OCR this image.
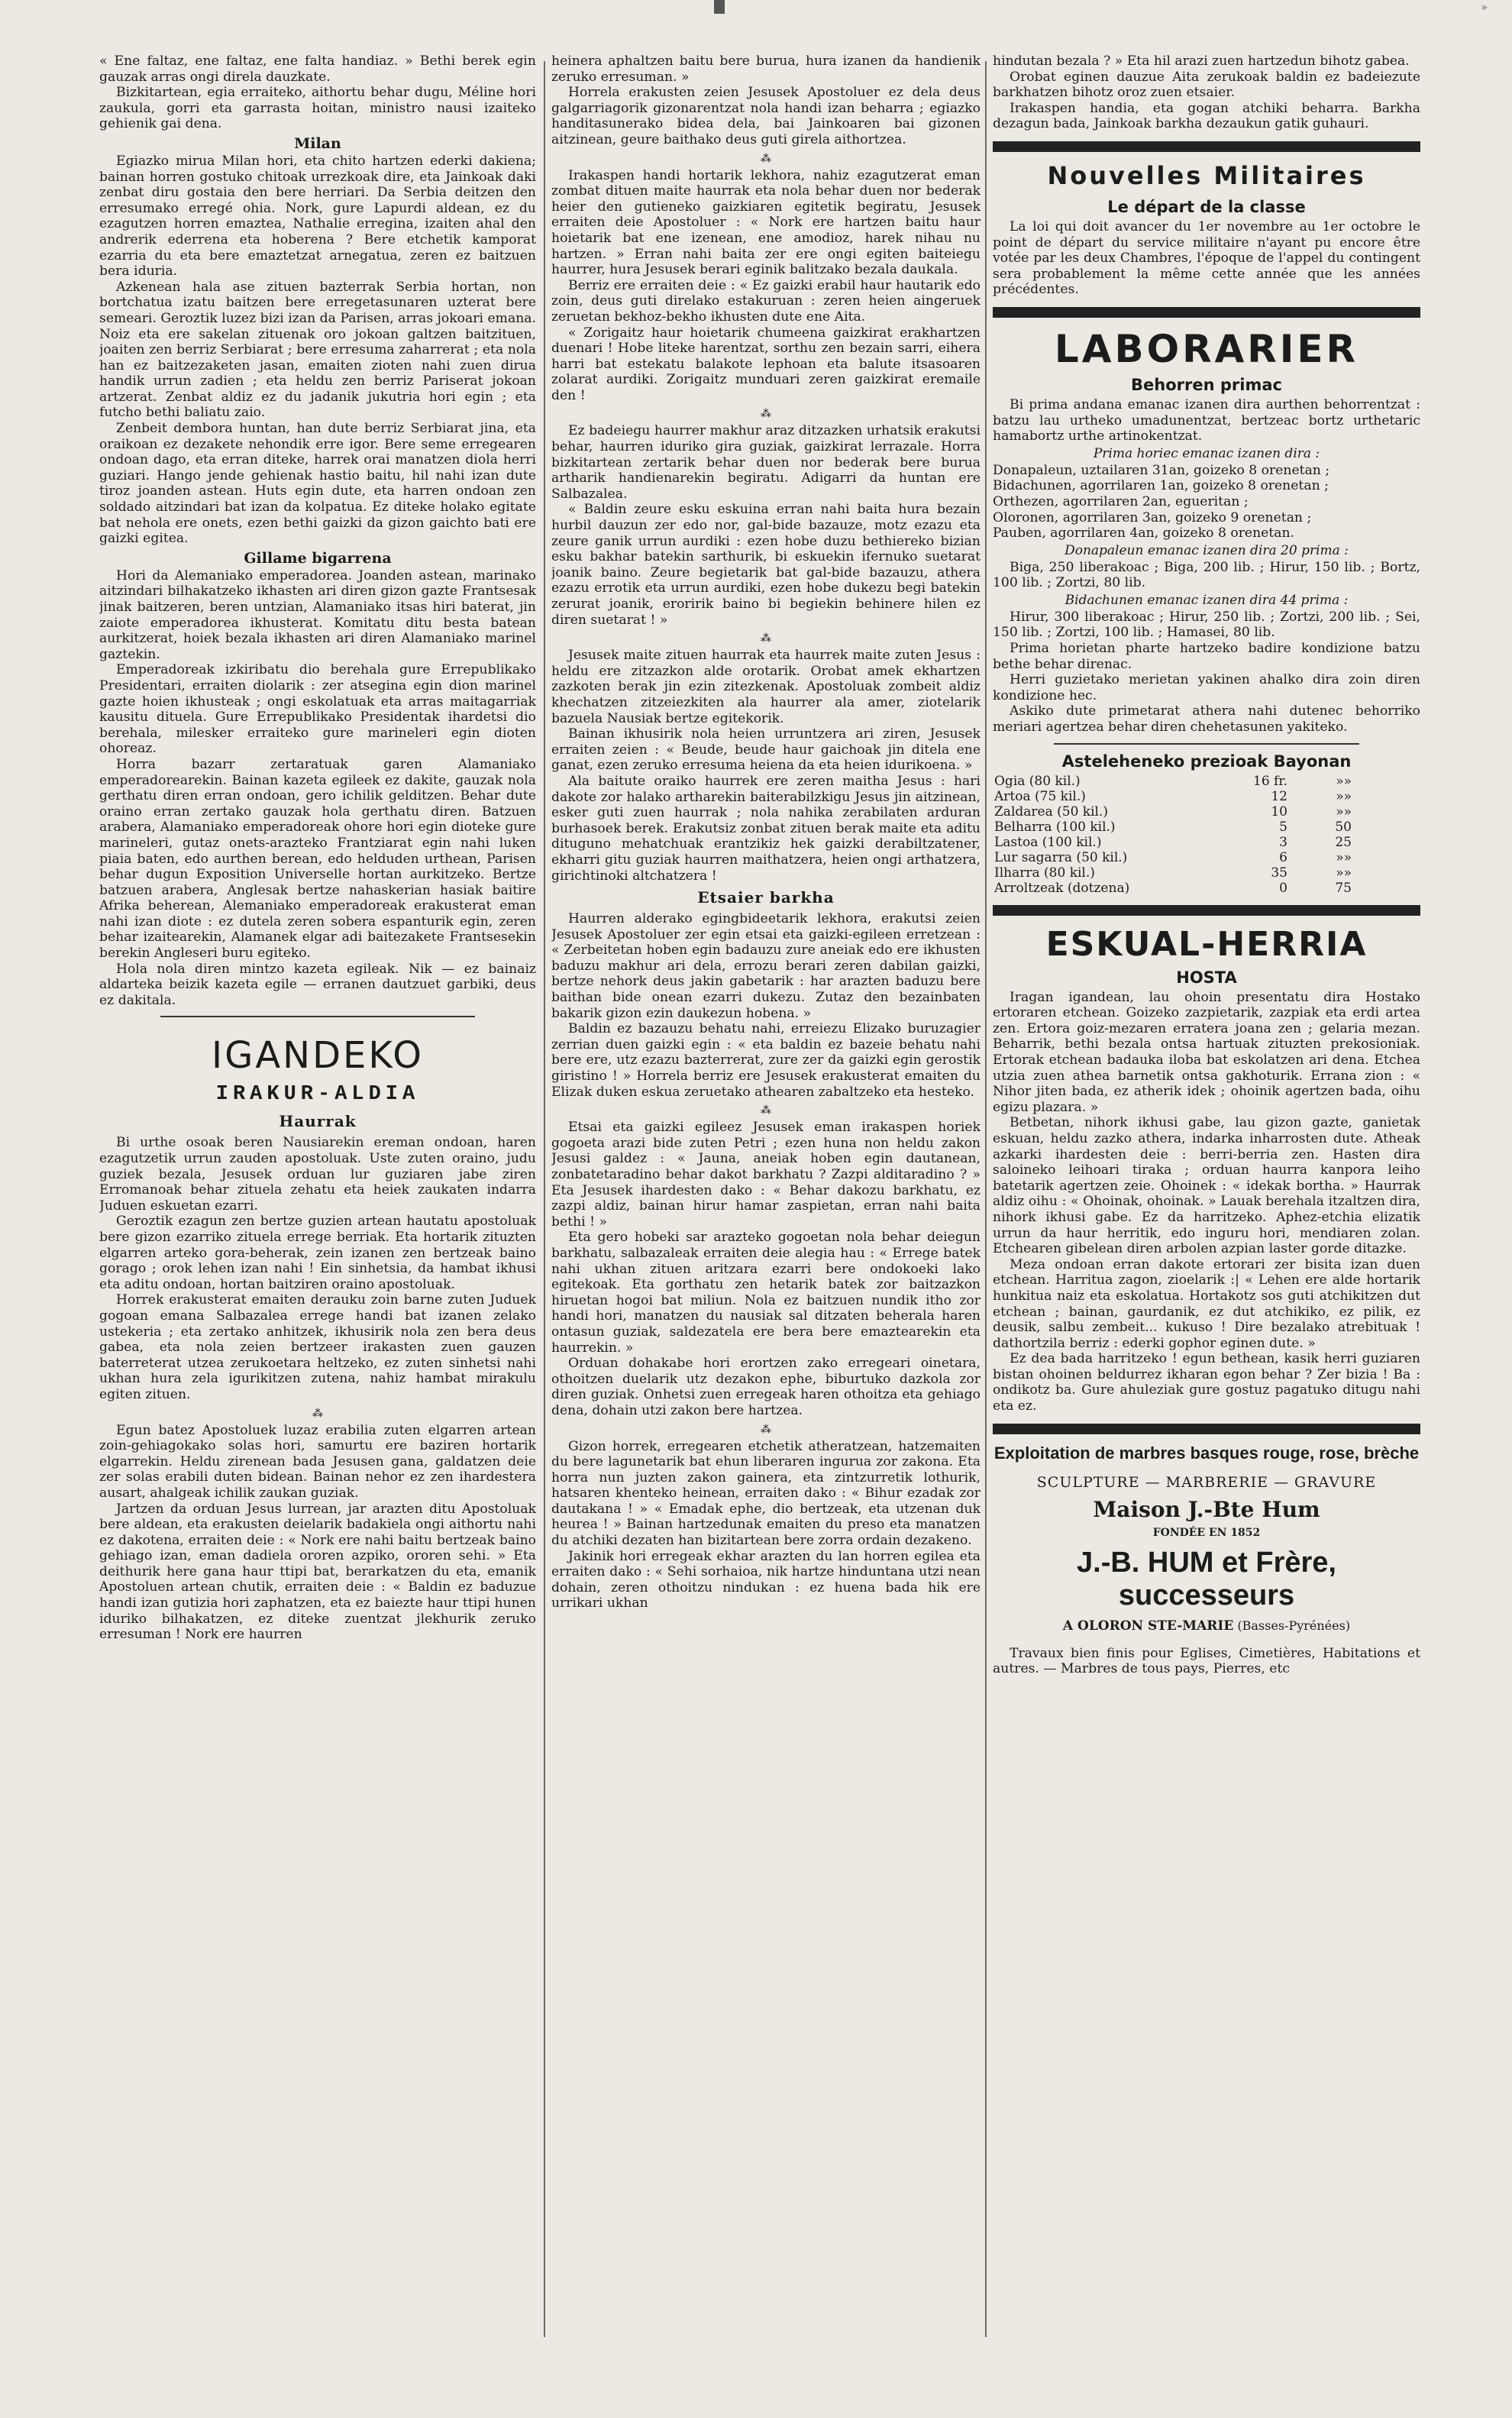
»

« Ene faltaz, ene faltaz, ene falta handiaz. » Bethi berek egin gauzak arras ongi direla dauzkate.

Bizkitartean, egia erraiteko, aithortu behar dugu, Méline hori zaukula, gorri eta garrasta hoitan, ministro nausi izaiteko gehienik gai dena.

Milan

Egiazko mirua Milan hori, eta chito hartzen ederki dakiena; bainan horren gostuko chitoak urrezkoak dire, eta Jainkoak daki zenbat diru gostaia den bere herriari. Da Serbia deitzen den erresumako erregé ohia. Nork, gure Lapurdi aldean, ez du ezagutzen horren emaztea, Nathalie erregina, izaiten ahal den andrerik ederrena eta hoberena ? Bere etchetik kamporat ezarria du eta bere emaztetzat arnegatua, zeren ez baitzuen bera iduria.

Azkenean hala ase zituen bazterrak Serbia hortan, non bortchatua izatu baitzen bere erregetasunaren uzterat bere semeari. Geroztik luzez bizi izan da Parisen, arras jokoari emana. Noiz eta ere sakelan zituenak oro jokoan galtzen baitzituen, joaiten zen berriz Serbiarat ; bere erresuma zaharrerat ; eta nola han ez baitzezaketen jasan, emaiten zioten nahi zuen dirua handik urrun zadien ; eta heldu zen berriz Pariserat jokoan artzerat. Zenbat aldiz ez du jadanik jukutria hori egin ; eta futcho bethi baliatu zaio.

Zenbeit dembora huntan, han dute berriz Serbiarat jina, eta oraikoan ez dezakete nehondik erre igor. Bere seme erregearen ondoan dago, eta erran diteke, harrek orai manatzen diola herri guziari. Hango jende gehienak hastio baitu, hil nahi izan dute tiroz joanden astean. Huts egin dute, eta harren ondoan zen soldado aitzindari bat izan da kolpatua. Ez diteke holako egitate bat nehola ere onets, ezen bethi gaizki da gizon gaichto bati ere gaizki egitea.

Gillame bigarrena

Hori da Alemaniako emperadorea. Joanden astean, marinako aitzindari bilhakatzeko ikhasten ari diren gizon gazte Frantsesak jinak baitzeren, beren untzian, Alamaniako itsas hiri baterat, jin zaiote emperadorea ikhusterat. Komitatu ditu besta batean aurkitzerat, hoiek bezala ikhasten ari diren Alamaniako marinel gaztekin.

Emperadoreak izkiribatu dio berehala gure Errepublikako Presidentari, erraiten diolarik : zer atsegina egin dion marinel gazte hoien ikhusteak ; ongi eskolatuak eta arras maitagarriak kausitu dituela. Gure Errepublikako Presidentak ihardetsi dio berehala, milesker erraiteko gure marineleri egin dioten ohoreaz.

Horra bazarr zertaratuak garen Alamaniako emperadorearekin. Bainan kazeta egileek ez dakite, gauzak nola gerthatu diren erran ondoan, gero ichilik gelditzen. Behar dute oraino erran zertako gauzak hola gerthatu diren. Batzuen arabera, Alamaniako emperadoreak ohore hori egin dioteke gure marinelerі, gutaz onets-arazteko Frantziarat egin nahi luken piaia baten, edo aurthen berean, edo helduden urthean, Parisen behar dugun Exposition Universelle hortan aurkitzeko. Bertze batzuen arabera, Anglesak bertze nahaskerian hasiak baitire Afrika beherean, Alemaniako emperadoreak erakusterat eman nahi izan diote : ez dutela zeren sobera espanturik egin, zeren behar izaitearekin, Alamanek elgar adi baitezakete Frantsesekin berekin Angleseri buru egiteko.

Hola nola diren mintzo kazeta egileak. Nik — ez bainaiz aldarteka beizik kazeta egile — erranen dautzuet garbiki, deus ez dakitala.

IGANDEKO
IRAKUR-ALDIA
Haurrak

Bi urthe osoak beren Nausiarekin ereman ondoan, haren ezagutzetik urrun zauden apostoluak. Uste zuten oraino, judu guziek bezala, Jesusek orduan lur guziaren jabe ziren Erromanoak behar zituela zehatu eta heiek zaukaten indarra Juduen eskuetan ezarri.

Geroztik ezagun zen bertze guzien artean hautatu apostoluak bere gizon ezarriko zituela errege berriak. Eta hortarik zituzten elgarren arteko gora-beherak, zein izanen zen bertzeak baino gorago ; orok lehen izan nahi ! Ein sinhetsia, da hambat ikhusi eta aditu ondoan, hortan baitziren oraino apostoluak.

Horrek erakusterat emaiten derauku zoin barne zuten Juduek gogoan emana Salbazalea errege handi bat izanen zelako ustekeria ; eta zertako anhitzek, ikhusirik nola zen bera deus gabea, eta nola zeien bertzeer irakasten zuen gauzen baterreterat utzea zerukoetara heltzeko, ez zuten sinhetsi nahi ukhan hura zela igurikitzen zutena, nahiz hambat mirakulu egiten zituen.

⁂

Egun batez Apostoluek luzaz erabilia zuten elgarren artean zoin-gehiagokako solas hori, samurtu ere baziren hortarik elgarrekin. Heldu zirenean bada Jesusen gana, galdatzen deie zer solas erabili duten bidean. Bainan nehor ez zen ihardestera ausart, ahalgeak ichilik zaukan guziak.

Jartzen da orduan Jesus lurrean, jar arazten ditu Apostoluak bere aldean, eta erakusten deielarik badakiela ongi aithortu nahi ez dakotena, erraiten deie : « Nork ere nahi baitu bertzeak baino gehiago izan, eman dadiela ororen azpiko, ororen sehi. » Eta deithurik here gana haur ttipi bat, berarkatzen du eta, emanik Apostoluen artean chutik, erraiten deie : « Baldin ez baduzue handi izan gutizia hori zaphatzen, eta ez baiezte haur ttipi hunen iduriko bilhakatzen, ez diteke zuentzat jlekhurik zeruko erresuman ! Nork ere haurren

heinera aphaltzen baitu bere burua, hura izanen da handienik zeruko erresuman. »

Horrela erakusten zeien Jesusek Apostoluer ez dela deus galgarriagorik gizonarentzat nola handi izan beharra ; egiazko handitasunerako bidea dela, bai Jainkoaren bai gizonen aitzinean, geure baithako deus guti girela aithortzea.

⁂

Irakaspen handi hortarik lekhora, nahiz ezagutzerat eman zombat dituen maite haurrak eta nola behar duen nor bederak heier den gutieneko gaizkiaren egitetik begiratu, Jesusek erraiten deie Apostoluer : « Nork ere hartzen baitu haur hoietarik bat ene izenean, ene amodioz, harek nihau nu hartzen. » Erran nahi baita zer ere ongi egiten baiteiegu haurrer, hura Jesusek berari eginik balitzako bezala daukala.

Berriz ere erraiten deie : « Ez gaizki erabil haur hautarik edo zoin, deus guti direlako estakuruan : zeren heien aingeruek zeruetan bekhoz-bekho ikhusten dute ene Aita.

« Zorigaitz haur hoietarik chumeena gaizkirat erakhartzen duenari ! Hobe liteke harentzat, sorthu zen bezain sarri, eihera harri bat estekatu balakote lephoan eta balute itsasoaren zolarat aurdiki. Zorigaitz munduari zeren gaizkirat eremaile den !

⁂

Ez badeiegu haurrer makhur araz ditzazken urhatsik erakutsi behar, haurren iduriko gira guziak, gaizkirat lerrazale. Horra bizkitartean zertarik behar duen nor bederak bere burua artharik handienarekin begiratu. Adigarri da huntan ere Salbazalea.

« Baldin zeure esku eskuina erran nahi baita hura bezain hurbil dauzun zer edo nor, gal-bide bazauze, motz ezazu eta zeure ganik urrun aurdiki : ezen hobe duzu bethiereko bizian esku bakhar batekin sarthurik, bi eskuekin ifernuko suetarat joanik baino. Zeure begietarik bat gal-bide bazauzu, athera ezazu errotik eta urrun aurdiki, ezen hobe dukezu begi batekin zerurat joanik, eroririk baino bi begiekin behinere hilen ez diren suetarat ! »

⁂

Jesusek maite zituen haurrak eta haurrek maite zuten Jesus : heldu ere zitzazkon alde orotarik. Orobat amek ekhartzen zazkoten berak jin ezin zitezkenak. Apostoluak zombeit aldiz khechatzen zitzeiezkiten ala haurrer ala amer, ziotelarik bazuela Nausiak bertze egitekorik.

Bainan ikhusirik nola heien urruntzera ari ziren, Jesusek erraiten zeien : « Beude, beude haur gaichoak jin ditela ene ganat, ezen zeruko erresuma heiena da eta heien idurikoena. »

Ala baitute oraiko haurrek ere zeren maitha Jesus : hari dakote zor halako artharekin baiterabilzkigu Jesus jin aitzinean, esker guti zuen haurrak ; nola nahika zerabilaten arduran burhasoek berek. Erakutsiz zonbat zituen berak maite eta aditu dituguno mehatchuak erantzikiz hek gaizki derabiltzatener, ekharri gitu guziak haurren maithatzera, heien ongi arthatzera, girichtinoki altchatzera !

Etsaier barkha

Haurren alderako egingbideetarik lekhora, erakutsi zeien Jesusek Apostoluer zer egin etsai eta gaizki-egileen erretzean : « Zerbeitetan hoben egin badauzu zure aneiak edo ere ikhusten baduzu makhur ari dela, errozu berari zeren dabilan gaizki, bertze nehork deus jakin gabetarik : har arazten baduzu bere baithan bide onean ezarri dukezu. Zutaz den bezainbaten bakarik gizon ezin daukezun hobena. »

Baldin ez bazauzu behatu nahi, erreiezu Elizako buruzagier zerrian duen gaizki egin : « eta baldin ez bazeie behatu nahi bere ere, utz ezazu bazterrerat, zure zer da gaizki egin gerostik giristino ! » Horrela berriz ere Jesusek erakusterat emaiten du Elizak duken eskua zeruetako athearen zabaltzeko eta hesteko.

⁂

Etsai eta gaizki egileez Jesusek eman irakaspen horiek gogoeta arazi bide zuten Petri ; ezen huna non heldu zakon Jesusi galdez : « Jauna, aneiak hoben egin dautanean, zonbatetaradino behar dakot barkhatu ? Zazpi alditaradino ? » Eta Jesusek ihardesten dako : « Behar dakozu barkhatu, ez zazpi aldiz, bainan hirur hamar zaspietan, erran nahi baita bethi ! »

Eta gero hobeki sar arazteko gogoetan nola behar deiegun barkhatu, salbazaleak erraiten deie alegia hau : « Errege batek nahi ukhan zituen aritzara ezarri bere ondokoeki lako egitekoak. Eta gorthatu zen hetarik batek zor baitzazkon hiruetan hogoi bat miliun. Nola ez baitzuen nundik itho zor handi hori, manatzen du nausiak sal ditzaten beherala haren ontasun guziak, saldezatela ere bera bere emaztearekin eta haurrekin. »

Orduan dohakabe hori erortzen zako erregeari oinetara, othoitzen duelarik utz dezakon ephe, biburtuko dazkola zor diren guziak. Onhetsi zuen erregeak haren othoitza eta gehiago dena, dohain utzi zakon bere hartzea.

⁂

Gizon horrek, erregearen etchetik atheratzean, hatzemaiten du bere lagunetarik bat ehun liberaren ingurua zor zakona. Eta horra nun juzten zakon gainera, eta zintzurretik lothurik, hatsaren khenteko heinean, erraiten dako : « Bihur ezadak zor dautakana ! » « Emadak ephe, dio bertzeak, eta utzenan duk heurea ! » Bainan hartzedunak emaiten du preso eta manatzen du atchiki dezaten han bizitartean bere zorra ordain dezakeno.

Jakinik hori erregeak ekhar arazten du lan horren egilea eta erraiten dako : « Sehi sorhaioa, nik hartze hinduntana utzi nean dohain, zeren othoitzu nindukan : ez huena bada hik ere urrikari ukhan

hindutan bezala ? » Eta hil arazi zuen hartzedun bihotz gabea.

Orobat eginen dauzue Aita zerukoak baldin ez badeiezute barkhatzen bihotz oroz zuen etsaier.

Irakaspen handia, eta gogan atchiki beharra. Barkha dezagun bada, Jainkoak barkha dezaukun gatik guhauri.

Nouvelles Militaires
Le départ de la classe

La loi qui doit avancer du 1er novembre au 1er octobre le point de départ du service militaire n'ayant pu encore être votée par les deux Chambres, l'époque de l'appel du contingent sera probablement la même cette année que les années précédentes.

LABORARIER
Behorren primac

Bi prima andana emanac izanen dira aurthen behorrentzat : batzu lau urtheko umadunentzat, bertzeac bortz urthetaric hamabortz urthe artinokentzat.

Prima horiec emanac izanen dira :

Donapaleun, uztailaren 31an, goizeko 8 orenetan ;

Bidachunen, agorrilaren 1an, goizeko 8 orenetan ;

Orthezen, agorrilaren 2an, egueritan ;

Oloronen, agorrilaren 3an, goizeko 9 orenetan ;

Pauben, agorrilaren 4an, goizeko 8 orenetan.

Donapaleun emanac izanen dira 20 prima :

Biga, 250 liberakoac ; Biga, 200 lib. ; Hirur, 150 lib. ; Bortz, 100 lib. ; Zortzi, 80 lib.

Bidachunen emanac izanen dira 44 prima :

Hirur, 300 liberakoac ; Hirur, 250 lib. ; Zortzi, 200 lib. ; Sei, 150 lib. ; Zortzi, 100 lib. ; Hamasei, 80 lib.

Prima horietan pharte hartzeko badire kondizione batzu bethe behar direnac.

Herri guzietako merietan yakinen ahalko dira zoin diren kondizione hec.

Askiko dute primetarat athera nahi dutenec behorriko meriari agertzea behar diren chehetasunen yakiteko.

Asteleheneko prezioak Bayonan
Ogia (80 kil.)	16 fr.	»»
Artoa (75 kil.)	12	»»
Zaldarea (50 kil.)	10	»»
Belharra (100 kil.)	5	50
Lastoa (100 kil.)	3	25
Lur sagarra (50 kil.)	6	»»
Ilharra (80 kil.)	35	»»
Arroltzeak (dotzena)	0	75
ESKUAL-HERRIA
HOSTA

Iragan igandean, lau ohoin presentatu dira Hostako ertoraren etchean. Goizeko zazpietarik, zazpiak eta erdi artea zen. Ertora goiz-mezaren erratera joana zen ; gelaria mezan. Beharrik, bethi bezala ontsa hartuak zituzten prekosioniak. Ertorak etchean badauka iloba bat eskolatzen ari dena. Etchea utzia zuen athea barnetik ontsa gakhoturik. Errana zion : « Nihor jiten bada, ez atherik idek ; ohoinik agertzen bada, oihu egizu plazara. »

Betbetan, nihork ikhusi gabe, lau gizon gazte, ganietak eskuan, heldu zazko athera, indarka inharrosten dute. Atheak azkarki ihardesten deie : berri-berria zen. Hasten dira saloineko leihoari tiraka ; orduan haurra kanpora leiho batetarik agertzen zeie. Ohoinek : « idekak bortha. » Haurrak aldiz oihu : « Ohoinak, ohoinak. » Lauak berehala itzaltzen dira, nihork ikhusi gabe. Ez da harritzeko. Aphez-etchia elizatik urrun da haur herritik, edo inguru hori, mendiaren zolan. Etchearen gibelean diren arbolen azpian laster gorde ditazke.

Meza ondoan erran dakote ertorari zer bisita izan duen etchean. Harritua zagon, zioelarik :| « Lehen ere alde hortarik hunkitua naiz eta eskolatua. Hortakotz sos guti atchikitzen dut etchean ; bainan, gaurdanik, ez dut atchikiko, ez pilik, ez deusik, salbu zembeit... kukuso ! Dire bezalako atrebituak ! dathortzila berriz : ederki gophor eginen dute. »

Ez dea bada harritzeko ! egun bethean, kasik herri guziaren bistan ohoinen beldurrez ikharan egon behar ? Zer bizia ! Ba : ondikotz ba. Gure ahuleziak gure gostuz pagatuko ditugu nahi eta ez.

Exploitation de marbres basques rouge, rose, brèche
SCULPTURE — MARBRERIE — GRAVURE
Maison J.-Bte Hum
FONDÉE EN 1852
J.-B. HUM et Frère, successeurs
A OLORON STE-MARIE (Basses-Pyrénées)

Travaux bien finis pour Eglises, Cimetières, Habitations et autres. — Marbres de tous pays, Pierres, etc
